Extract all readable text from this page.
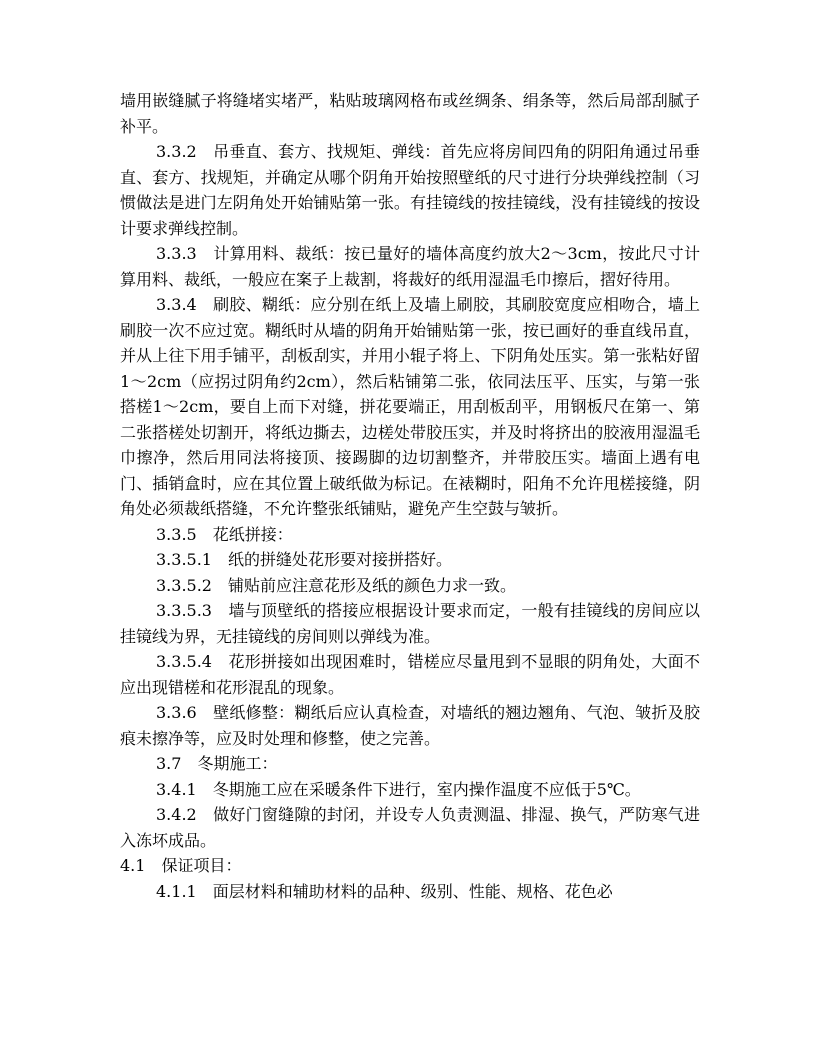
墙用嵌缝腻子将缝堵实堵严，粘贴玻璃网格布或丝绸条、绢条等，然后局部刮腻子补平。

3.3.2　吊垂直、套方、找规矩、弹线：首先应将房间四角的阴阳角通过吊垂直、套方、找规矩，并确定从哪个阴角开始按照壁纸的尺寸进行分块弹线控制（习惯做法是进门左阴角处开始铺贴第一张。有挂镜线的按挂镜线，没有挂镜线的按设计要求弹线控制。

3.3.3　计算用料、裁纸：按已量好的墙体高度约放大2～3cm，按此尺寸计算用料、裁纸，一般应在案子上裁割，将裁好的纸用湿温毛巾擦后，摺好待用。

3.3.4　刷胶、糊纸：应分别在纸上及墙上刷胶，其刷胶宽度应相吻合，墙上刷胶一次不应过宽。糊纸时从墙的阴角开始铺贴第一张，按已画好的垂直线吊直，并从上往下用手铺平，刮板刮实，并用小辊子将上、下阴角处压实。第一张粘好留1～2cm（应拐过阴角约2cm），然后粘铺第二张，依同法压平、压实，与第一张搭槎1～2cm，要自上而下对缝，拼花要端正，用刮板刮平，用钢板尺在第一、第二张搭槎处切割开，将纸边撕去，边槎处带胶压实，并及时将挤出的胶液用湿温毛巾擦净，然后用同法将接顶、接踢脚的边切割整齐，并带胶压实。墙面上遇有电门、插销盒时，应在其位置上破纸做为标记。在裱糊时，阳角不允许甩槎接缝，阴角处必须裁纸搭缝，不允许整张纸铺贴，避免产生空鼓与皱折。

3.3.5　花纸拼接：

3.3.5.1　纸的拼缝处花形要对接拼搭好。

3.3.5.2　铺贴前应注意花形及纸的颜色力求一致。

3.3.5.3　墙与顶壁纸的搭接应根据设计要求而定，一般有挂镜线的房间应以挂镜线为界，无挂镜线的房间则以弹线为准。

3.3.5.4　花形拼接如出现困难时，错槎应尽量甩到不显眼的阴角处，大面不应出现错槎和花形混乱的现象。

3.3.6　壁纸修整：糊纸后应认真检查，对墙纸的翘边翘角、气泡、皱折及胶痕未擦净等，应及时处理和修整，使之完善。

3.7　冬期施工：

3.4.1　冬期施工应在采暖条件下进行，室内操作温度不应低于5℃。

3.4.2　做好门窗缝隙的封闭，并设专人负责测温、排湿、换气，严防寒气进入冻坏成品。

4.1　保证项目：

4.1.1　面层材料和辅助材料的品种、级别、性能、规格、花色必
